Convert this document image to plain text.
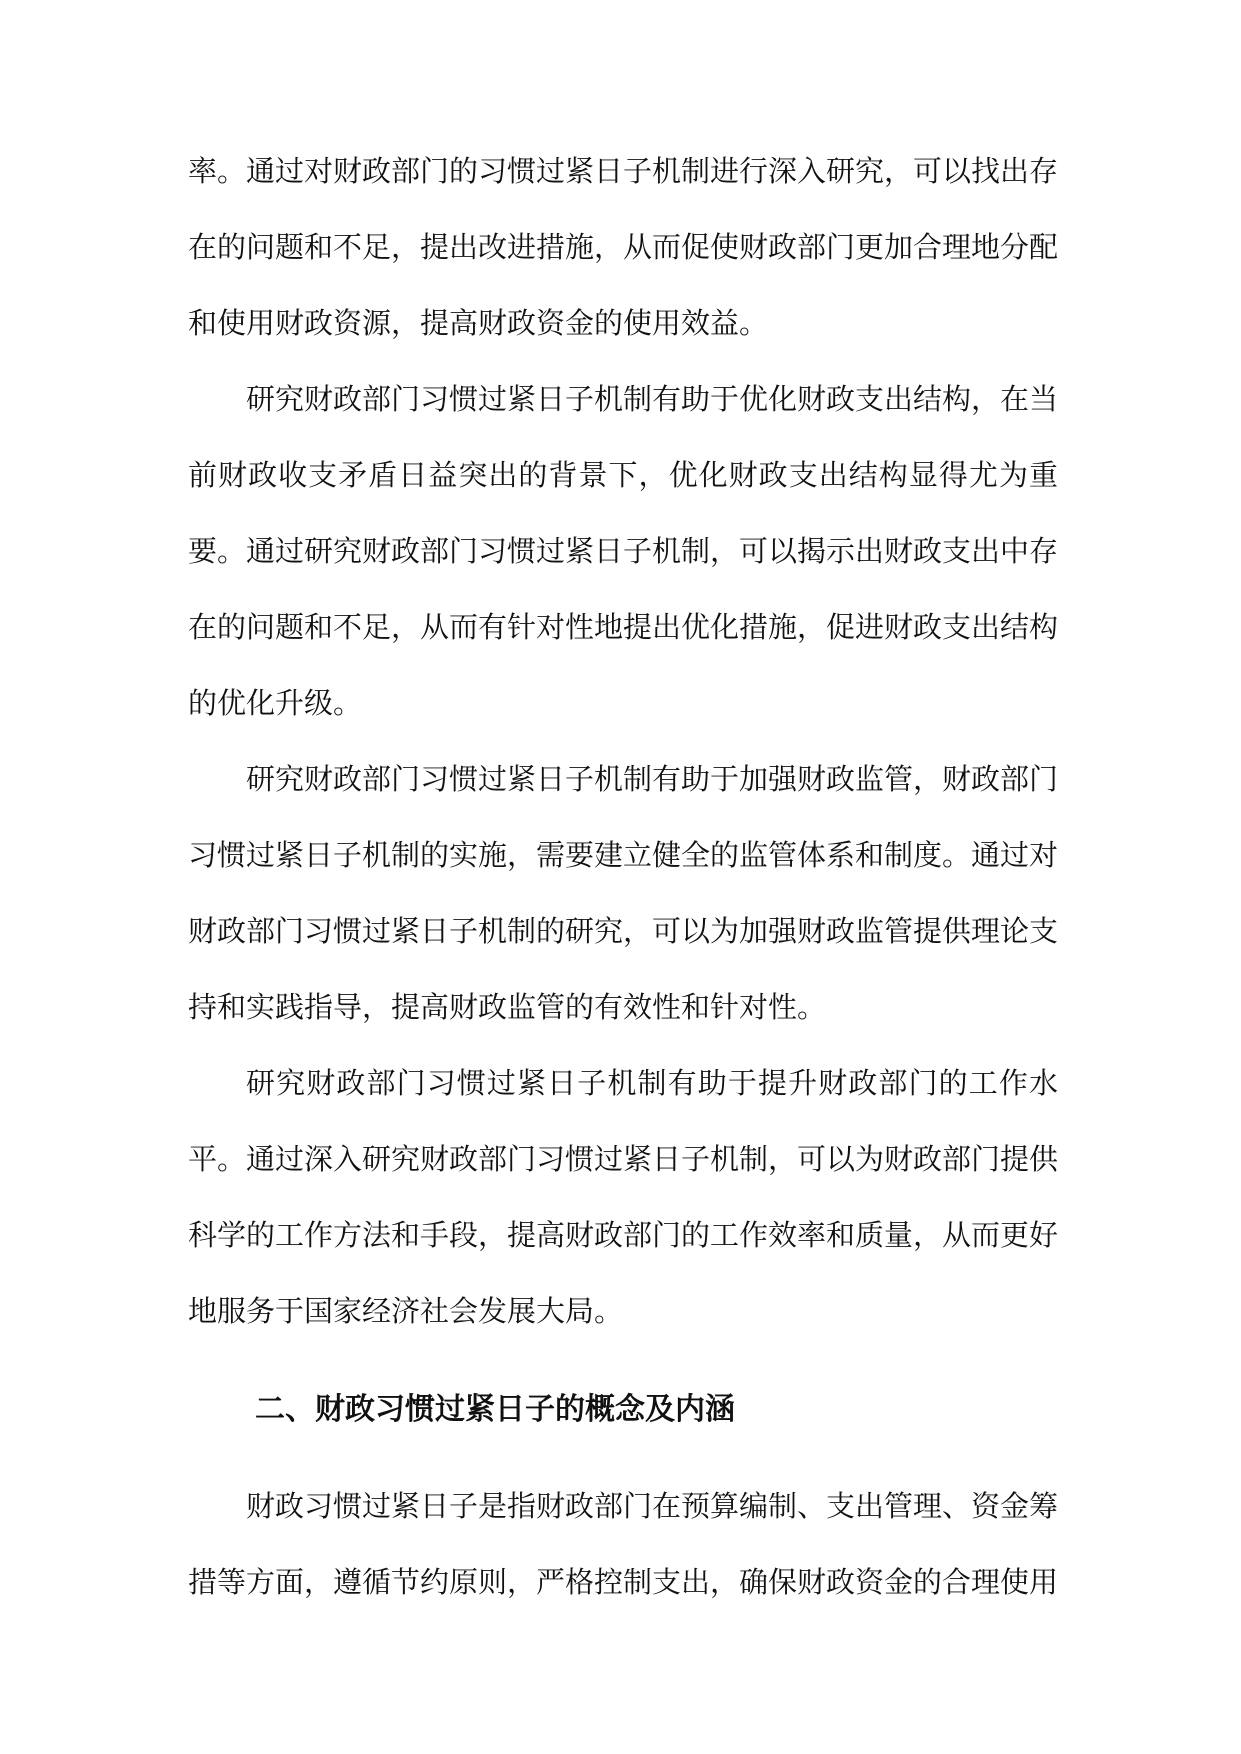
率。通过对财政部门的习惯过紧日子机制进行深入研究，可以找出存在的问题和不足，提出改进措施，从而促使财政部门更加合理地分配和使用财政资源，提高财政资金的使用效益。

研究财政部门习惯过紧日子机制有助于优化财政支出结构，在当前财政收支矛盾日益突出的背景下，优化财政支出结构显得尤为重要。通过研究财政部门习惯过紧日子机制，可以揭示出财政支出中存在的问题和不足，从而有针对性地提出优化措施，促进财政支出结构的优化升级。

研究财政部门习惯过紧日子机制有助于加强财政监管，财政部门习惯过紧日子机制的实施，需要建立健全的监管体系和制度。通过对财政部门习惯过紧日子机制的研究，可以为加强财政监管提供理论支持和实践指导，提高财政监管的有效性和针对性。

研究财政部门习惯过紧日子机制有助于提升财政部门的工作水平。通过深入研究财政部门习惯过紧日子机制，可以为财政部门提供科学的工作方法和手段，提高财政部门的工作效率和质量，从而更好地服务于国家经济社会发展大局。

二、财政习惯过紧日子的概念及内涵

财政习惯过紧日子是指财政部门在预算编制、支出管理、资金筹措等方面，遵循节约原则，严格控制支出，确保财政资金的合理使用
